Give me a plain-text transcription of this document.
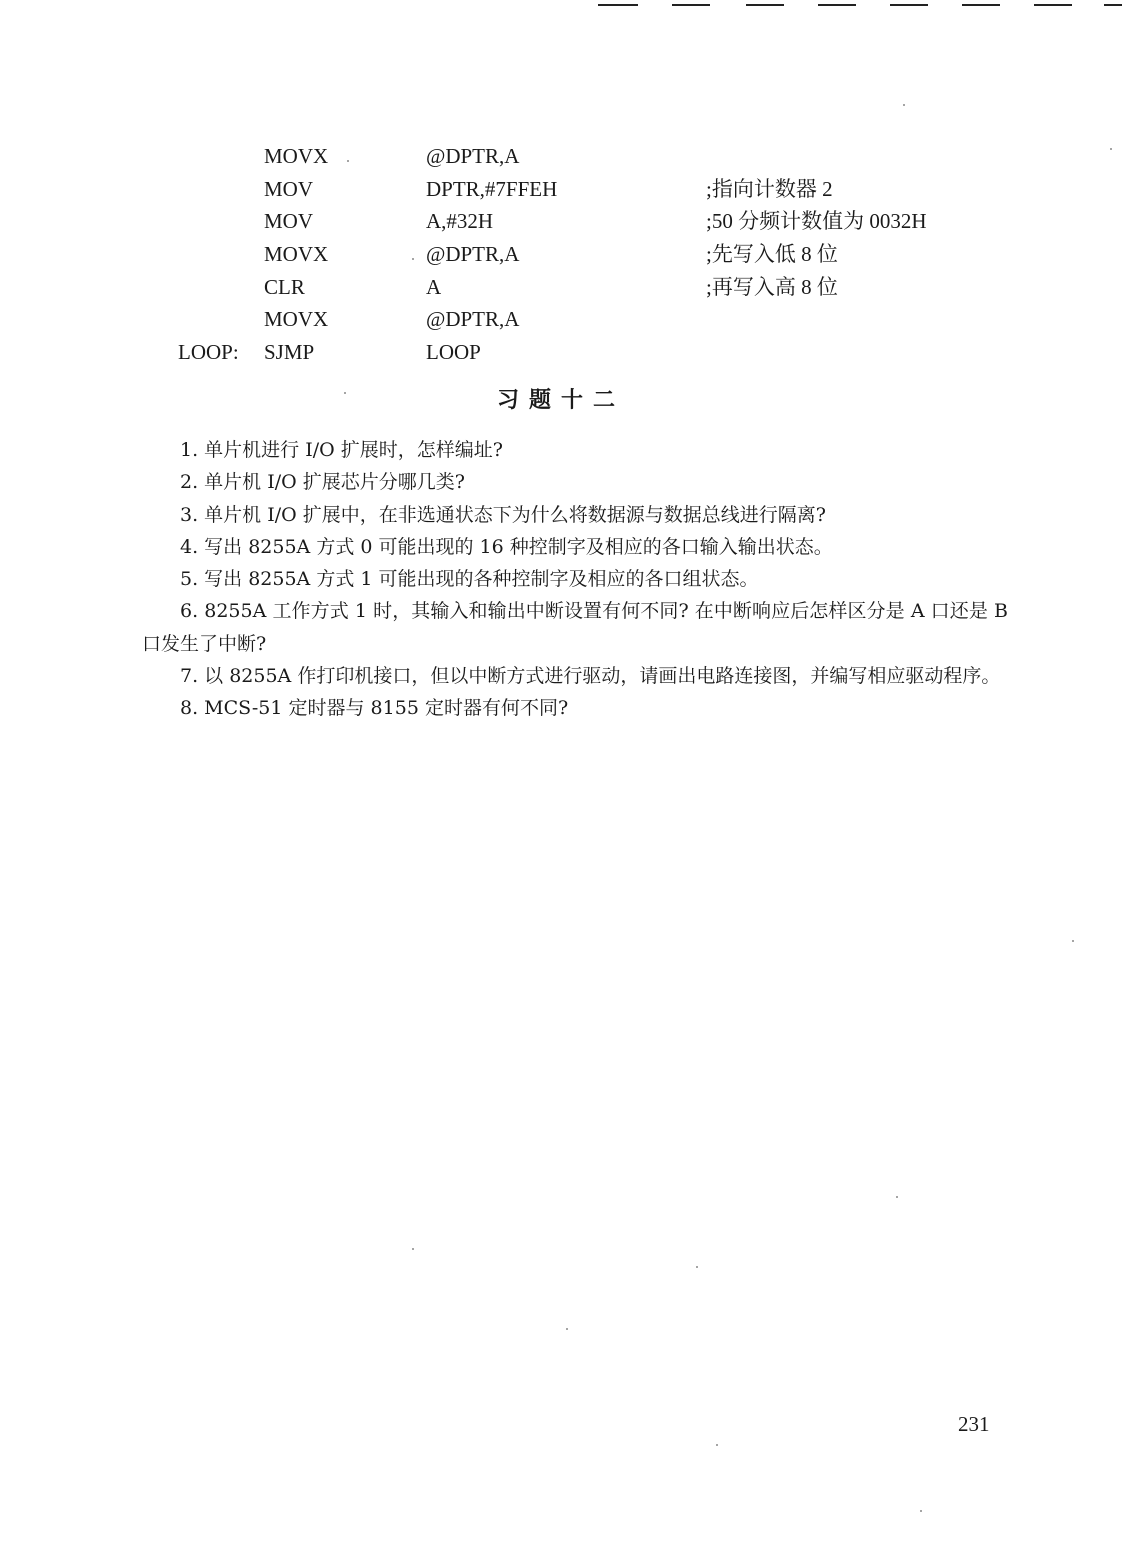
MOVX	@DPTR,A
MOV	DPTR,#7FFEH	;指向计数器 2
MOV	A,#32H	;50 分频计数值为 0032H
MOVX	@DPTR,A	;先写入低 8 位
CLR	A	;再写入高 8 位
MOVX	@DPTR,A
LOOP: SJMP	LOOP
习题十二

1. 单片机进行 I/O 扩展时，怎样编址?

2. 单片机 I/O 扩展芯片分哪几类?

3. 单片机 I/O 扩展中，在非选通状态下为什么将数据源与数据总线进行隔离?

4. 写出 8255A 方式 0 可能出现的 16 种控制字及相应的各口输入输出状态。

5. 写出 8255A 方式 1 可能出现的各种控制字及相应的各口组状态。

6. 8255A 工作方式 1 时，其输入和输出中断设置有何不同? 在中断响应后怎样区分是 A 口还是 B 口发生了中断?

7. 以 8255A 作打印机接口，但以中断方式进行驱动，请画出电路连接图，并编写相应驱动程序。

8. MCS-51 定时器与 8155 定时器有何不同?

231
